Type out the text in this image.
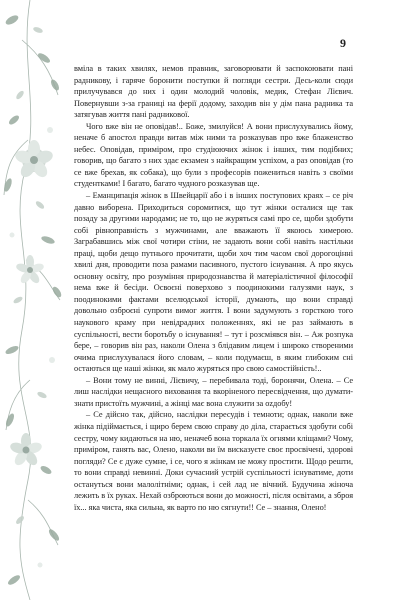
9

вміла в таких хвилях, немов правник, заговорювати й заспокоювати пані радникову, і гаряче боронити поступки й погляди сестри. Десь-коли сюди прилучувався до них і один молодий чоловік, медик, Стефан Лієвич. Повернувши з-за границі на ферії додому, заходив він у дім пана радника та затягував життя пані радникової.

Чого вже він не оповідав!.. Боже, змилуйся! А вони прислухувались йому, неначе б апостол правди витав між ними та розказував про вже блаженство небес. Оповідав, приміром, про студіюючих жінок і інших, тим подібних; говорив, що багато з них здає екзамен з найкращим успіхом, а раз оповідав (то се вже брехав, як собака), що були з професорів пожениться навіть з своїми студентками! І багато, багато чудного розказував ще.

– Еманципація жінок в Швейцарії або і в інших поступових краях – се річ давно виборена. Приходиться соромитися, що тут жінки осталися ще так позаду за другими народами; не то, що не журяться самі про се, щоби здобути собі рівноправність з мужчинами, але вважають її якоюсь химерою. Заграбавшись між свої чотири стіни, не задають вони собі навіть настільки праці, щоби дещо путнього прочитати, щоби хоч тим часом свої дорогоцінні хвилі дня, проводити поза рамами пасивного, пустого існування. А про якусь основну освіту, про розуміння природознавства й матеріалістичної філософії нема вже й бесіди. Освоєні поверхово з поодинокими галузями наук, з поодинокими фактами вселюдської історії, думають, що вони справді довольно озброєні супроти вимог життя. І вони задумують з горсткою того наукового краму при невідрадних положеннях, які не раз займають в суспільності, вести боротьбу о існування! – тут і розсміявся він. – Аж розпука бере, – говорив він раз, наколи Олена з блідавим лицем і широко створеними очима прислухувалася його словам, – коли подумаєш, в яким глибоким сні остаються ще наші жінки, як мало журяться про свою самостійність!..

– Вони тому не винні, Лієвичу, – перебивала тоді, боронячи, Олена. – Се лиш наслідки нещасного виховання та вкоріненого пересвідчення, що думати-знати пристоїть мужчині, а жінці має вона служити за ozдобу!

– Се дійсно так, дійсно, наслідки пересудів і темноти; однак, наколи вже жінка підіймається, і щиро берем свою справу до діла, старається здобути собі сестру, чому кидаються на ню, неначеб вона торкала їх огнями кліщами? Чому, приміром, ганять вас, Олено, наколи ви їм висказуєте своє просвічені, здорові погляди? Се є дуже сумне, і се, чого я жінкам не можу простити. Щодо решти, то вони справді невинні. Доки сучасний устрій суспільності існуватиме, доти остануться вони малолітніми; однак, і сей лад не вічний. Будучина жіноча лежить в їх руках. Нехай озброються вони до можності, після освітами, а зброя їх... яка чиста, яка сильна, як варто по ню сягнути!! Се – знання, Олено!
